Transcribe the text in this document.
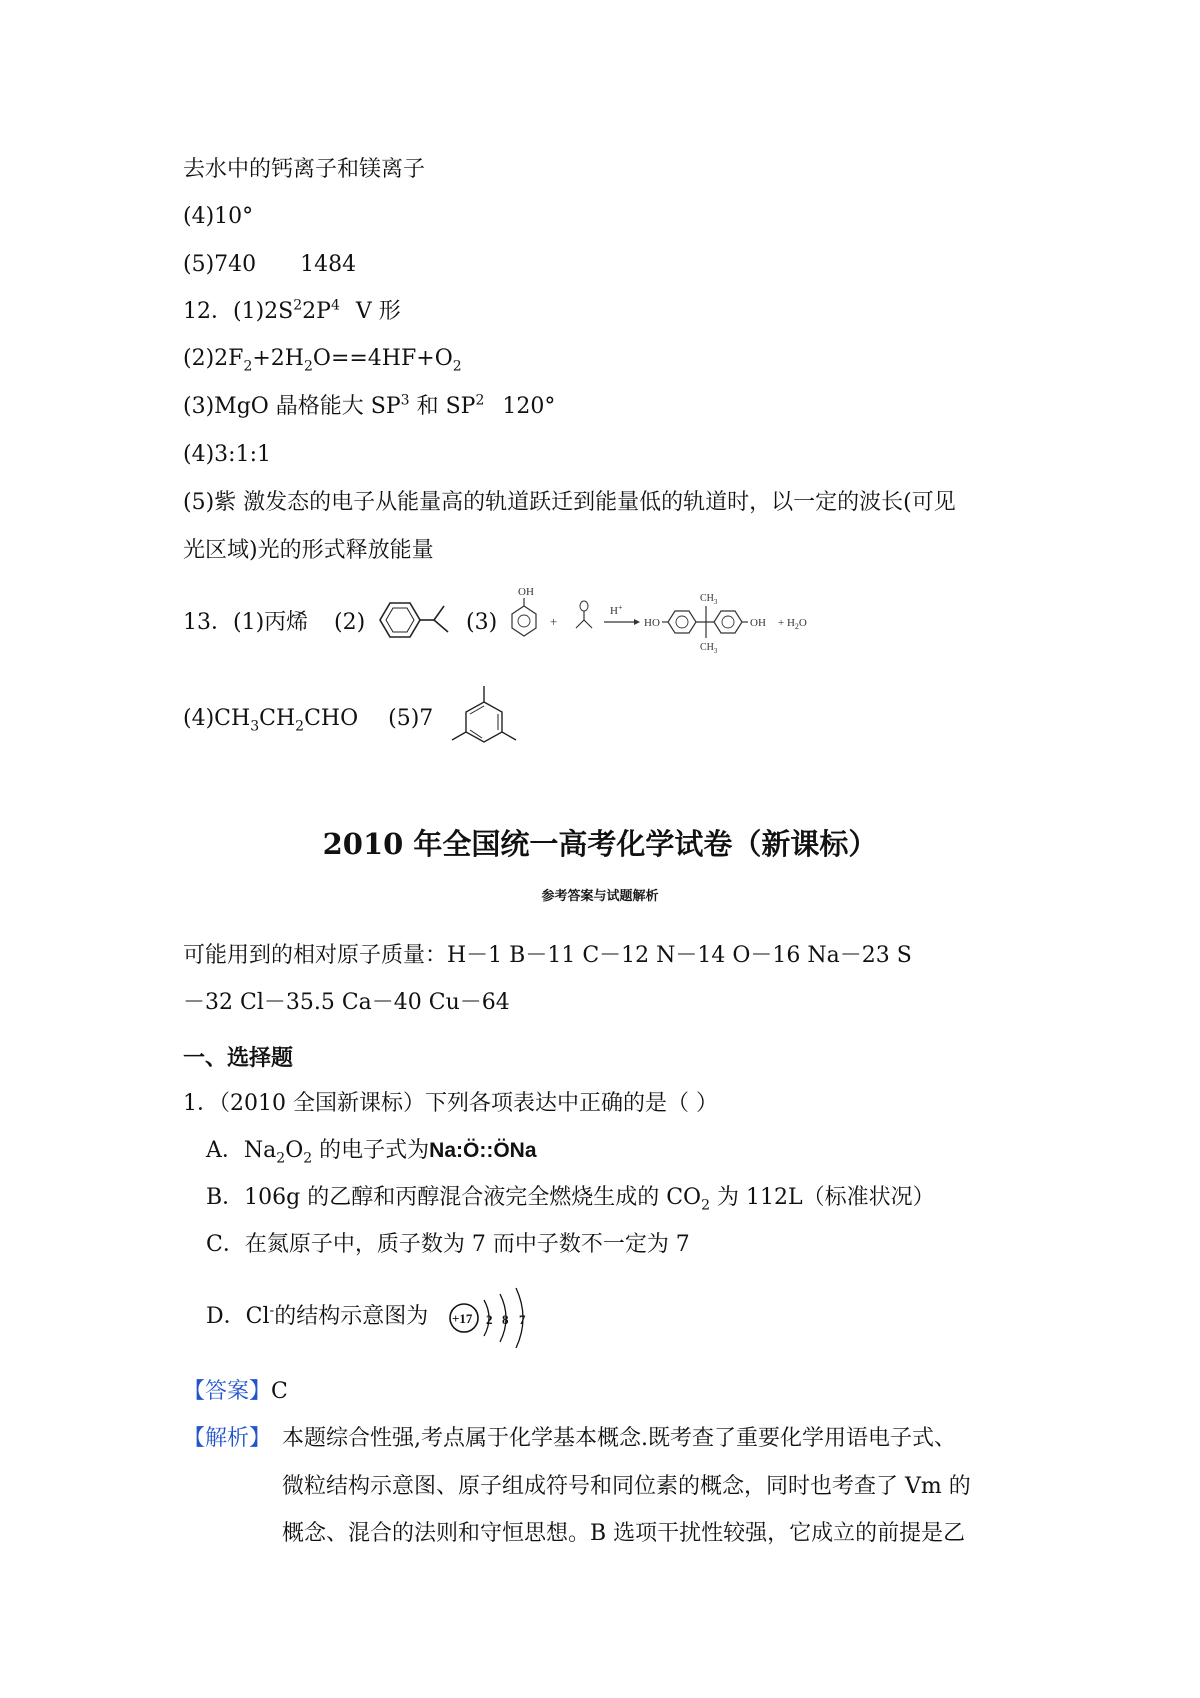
去水中的钙离子和镁离子
(4)10°
(5)740 1484
12．$(1)2S^22P^4$ V 形
$(2)2F_2+2H_2O==4HF+O_2$
(3)MgO 晶格能大 $SP^3$ 和 $SP^2$ 120°
(4)3:1:1
(5)紫 激发态的电子从能量高的轨道跃迁到能量低的轨道时，以一定的波长(可见
光区域)光的形式释放能量
13．(1)丙烯 (2)	(3)
OH
+
H+
HO
$CH_3$
$CH_3$
OH + $H_2O$
$(4)CH_3CH_2CHO$ (5)7
2010 年全国统一高考化学试卷（新课标）
参考答案与试题解析
可能用到的相对原子质量：H－1 B－11 C－12 N－14 O－16 Na－23 S
－32 Cl－35.5 Ca－40 Cu－64
一、选择题
1．（2010 全国新课标）下列各项表达中正确的是（ ）
A．$Na_2O_2$ 的电子式为Na:Ö::ÖNa
B．106g 的乙醇和丙醇混合液完全燃烧生成的 $CO_2$ 为 112L（标准状况）
C．在氮原子中，质子数为 7 而中子数不一定为 7
D．Cl-的结构示意图为 +17 2 8 7
【答案】C
【解析】 本题综合性强,考点属于化学基本概念.既考查了重要化学用语电子式、
微粒结构示意图、原子组成符号和同位素的概念，同时也考查了 Vm 的
概念、混合的法则和守恒思想。B 选项干扰性较强，它成立的前提是乙
